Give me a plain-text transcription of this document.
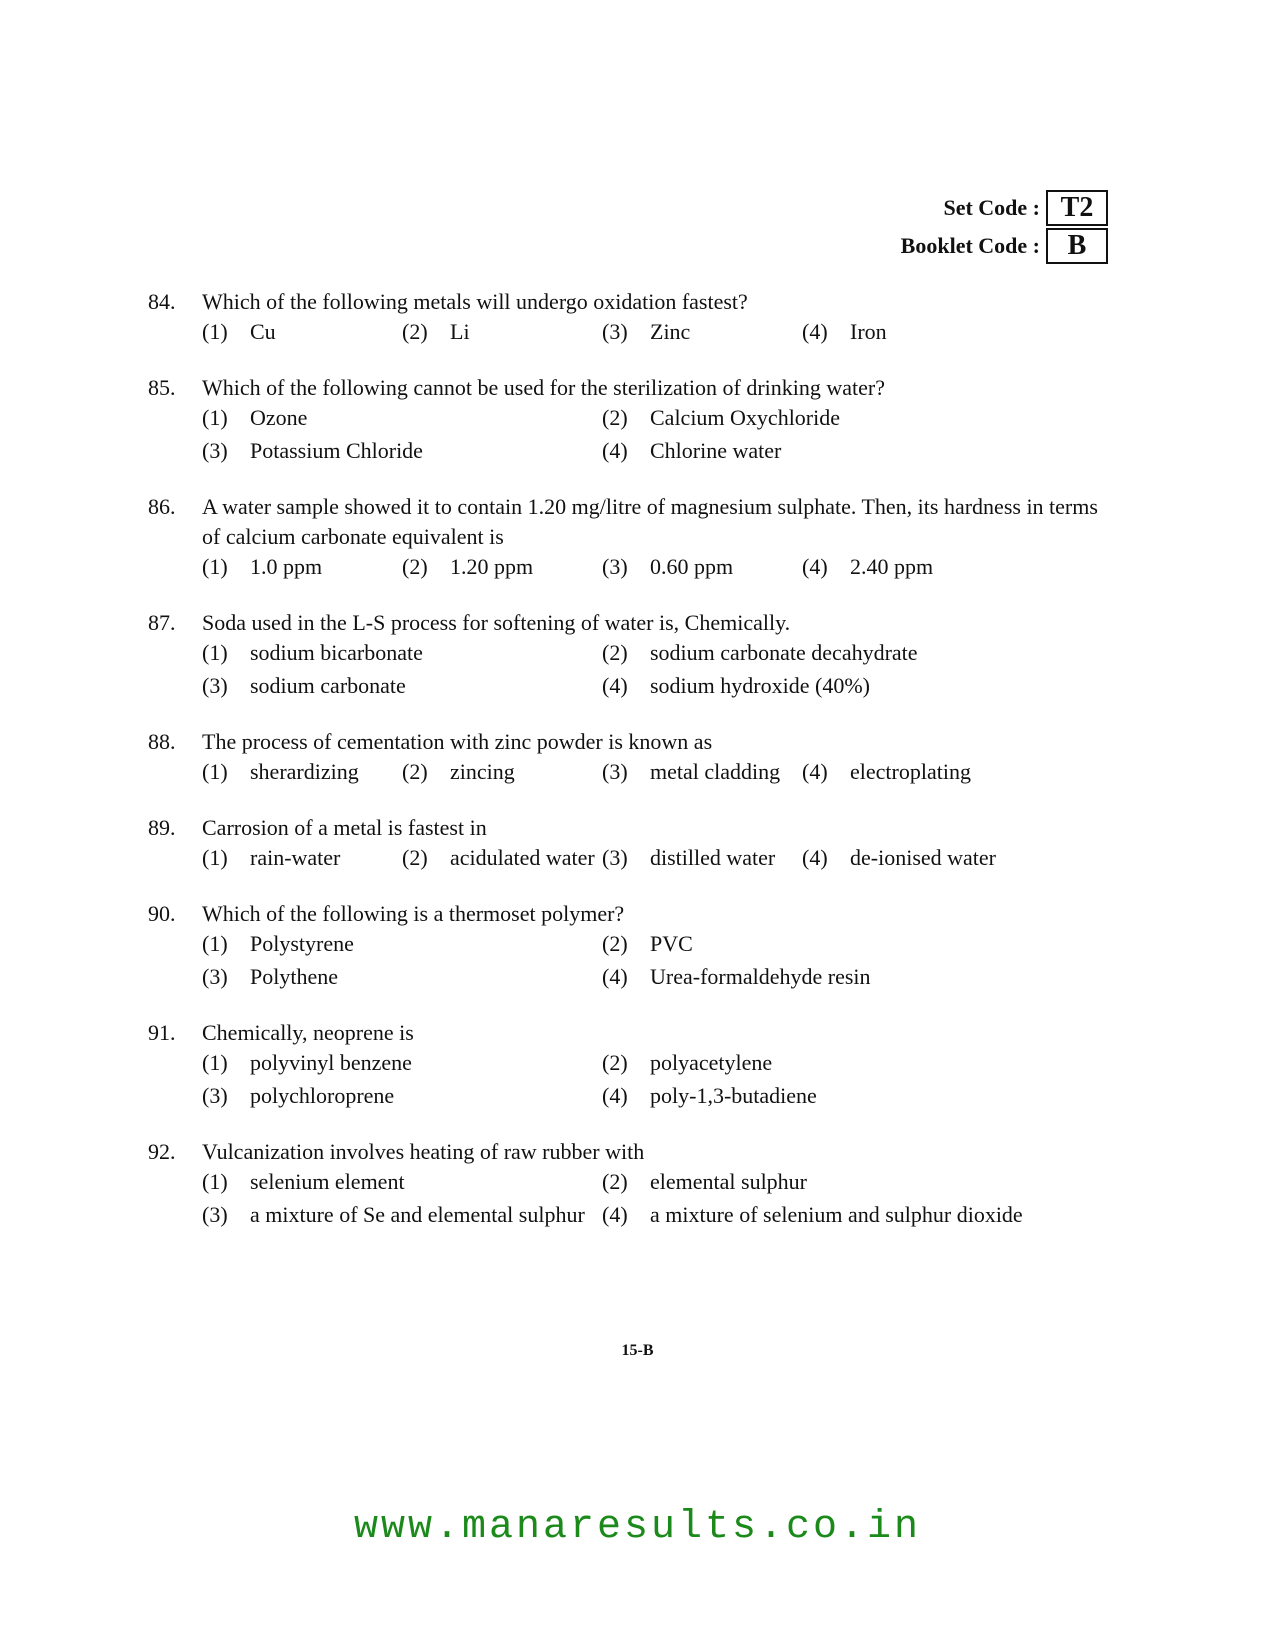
Set Code : T2
Booklet Code : B
84.	Which of the following metals will undergo oxidation fastest?
(1)	Cu	(2)	Li	(3)	Zinc	(4)	Iron
85.	Which of the following cannot be used for the sterilization of drinking water?
(1)	Ozone	(2)	Calcium Oxychloride
(3)	Potassium Chloride	(4)	Chlorine water
86.	A water sample showed it to contain 1.20 mg/litre of magnesium sulphate. Then, its hardness in terms of calcium carbonate equivalent is
(1)	1.0 ppm	(2)	1.20 ppm	(3)	0.60 ppm	(4)	2.40 ppm
87.	Soda used in the L-S process for softening of water is, Chemically.
(1)	sodium bicarbonate	(2)	sodium carbonate decahydrate
(3)	sodium carbonate	(4)	sodium hydroxide (40%)
88.	The process of cementation with zinc powder is known as
(1)	sherardizing (2)	zincing	(3)	metal cladding (4)	electroplating
89.	Carrosion of a metal is fastest in
(1)	rain-water	(2)	acidulated water (3)	distilled water (4)	de-ionised water
90.	Which of the following is a thermoset polymer?
(1)	Polystyrene	(2)	PVC
(3)	Polythene	(4)	Urea-formaldehyde resin
91.	Chemically, neoprene is
(1)	polyvinyl benzene	(2)	polyacetylene
(3)	polychloroprene	(4)	poly-1,3-butadiene
92.	Vulcanization involves heating of raw rubber with
(1)	selenium element	(2)	elemental sulphur
(3)	a mixture of Se and elemental sulphur (4)	a mixture of selenium and sulphur dioxide
15-B
www.manaresults.co.in
